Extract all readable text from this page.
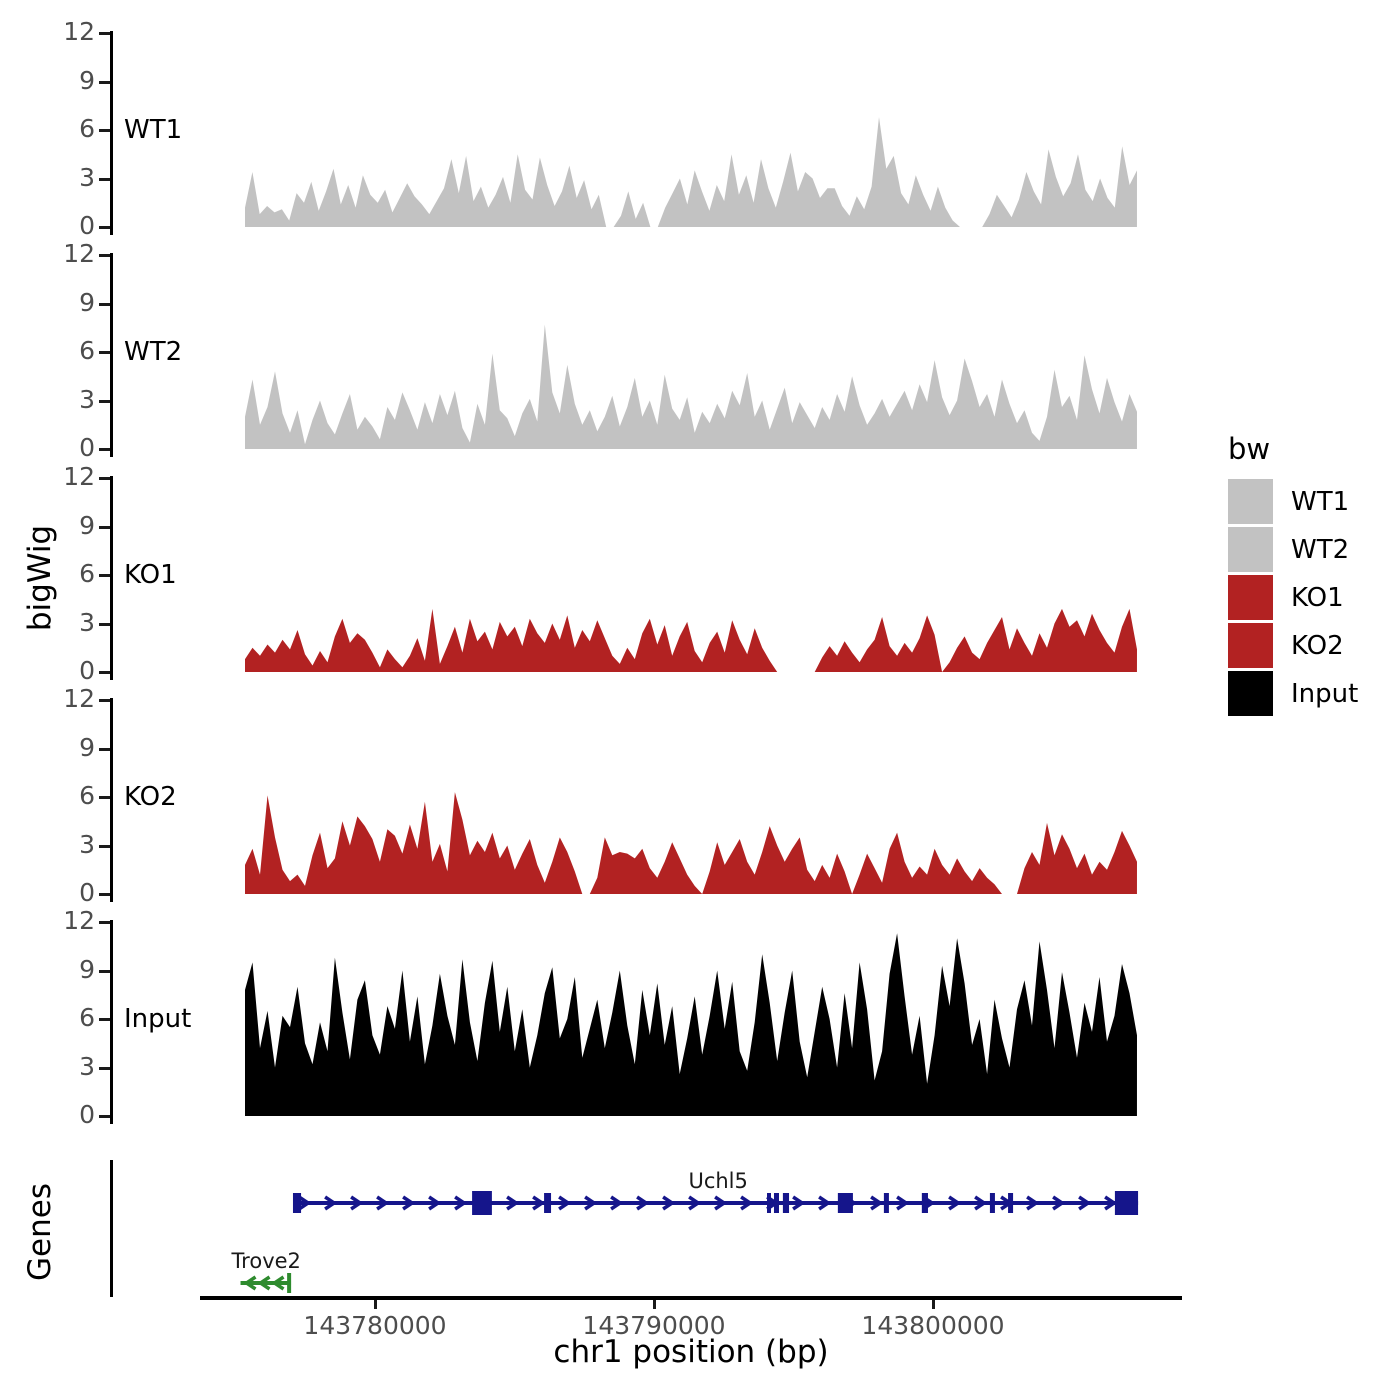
bigWig
Genes
0
3
6
9
12
WT1
0
3
6
9
12
WT2
0
3
6
9
12
KO1
0
3
6
9
12
KO2
0
3
6
9
12
Input
Uchl5
Trove2
143780000	143790000	143800000
chr1 position (bp)
bw
WT1
WT2
KO1
KO2
Input
